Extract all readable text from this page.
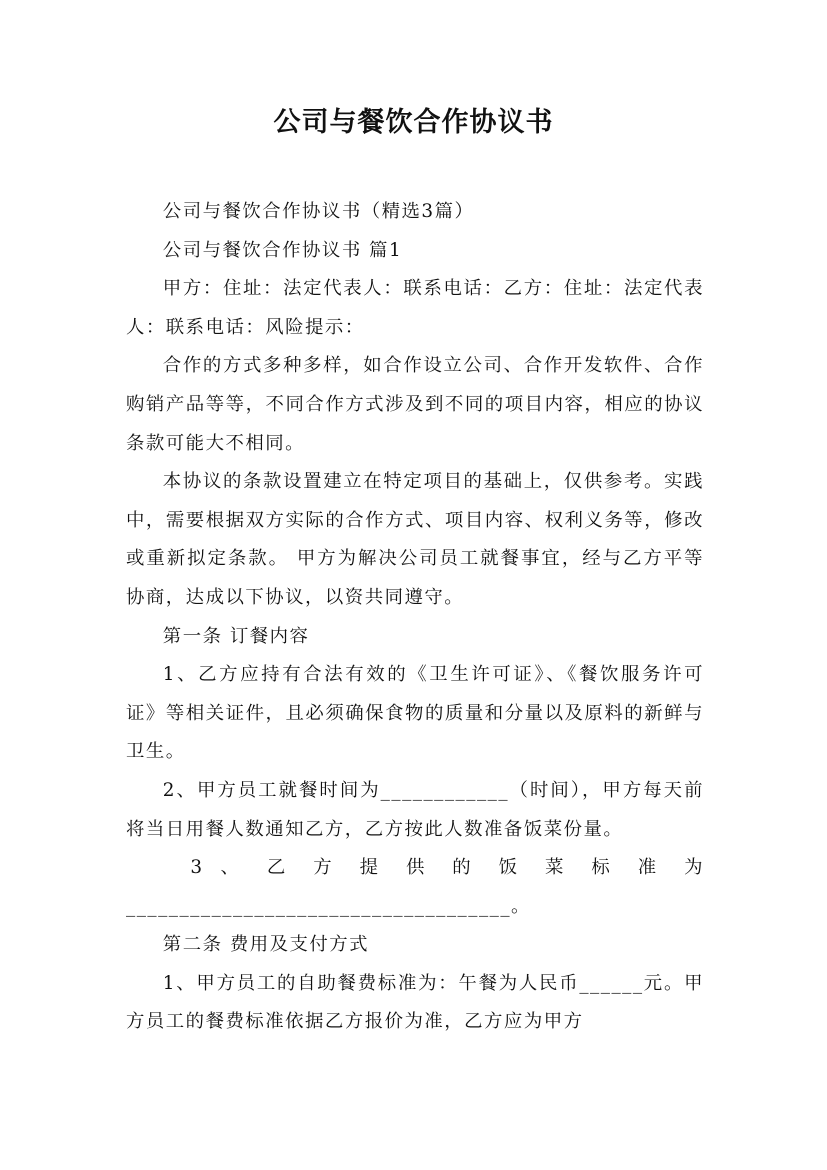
公司与餐饮合作协议书

公司与餐饮合作协议书（精选3篇）

公司与餐饮合作协议书 篇1

甲方：住址：法定代表人：联系电话：乙方：住址：法定代表人：联系电话：风险提示：

合作的方式多种多样，如合作设立公司、合作开发软件、合作购销产品等等，不同合作方式涉及到不同的项目内容，相应的协议条款可能大不相同。

本协议的条款设置建立在特定项目的基础上，仅供参考。实践中，需要根据双方实际的合作方式、项目内容、权利义务等，修改或重新拟定条款。 甲方为解决公司员工就餐事宜，经与乙方平等协商，达成以下协议，以资共同遵守。

第一条 订餐内容

1、乙方应持有合法有效的《卫生许可证》、《餐饮服务许可证》等相关证件，且必须确保食物的质量和分量以及原料的新鲜与卫生。

2、甲方员工就餐时间为____________（时间），甲方每天前将当日用餐人数通知乙方，乙方按此人数准备饭菜份量。

3 、 乙 方 提 供 的 饭 菜 标 准 为

____________________________________。

第二条 费用及支付方式

1、甲方员工的自助餐费标准为：午餐为人民币______元。甲方员工的餐费标准依据乙方报价为准，乙方应为甲方
